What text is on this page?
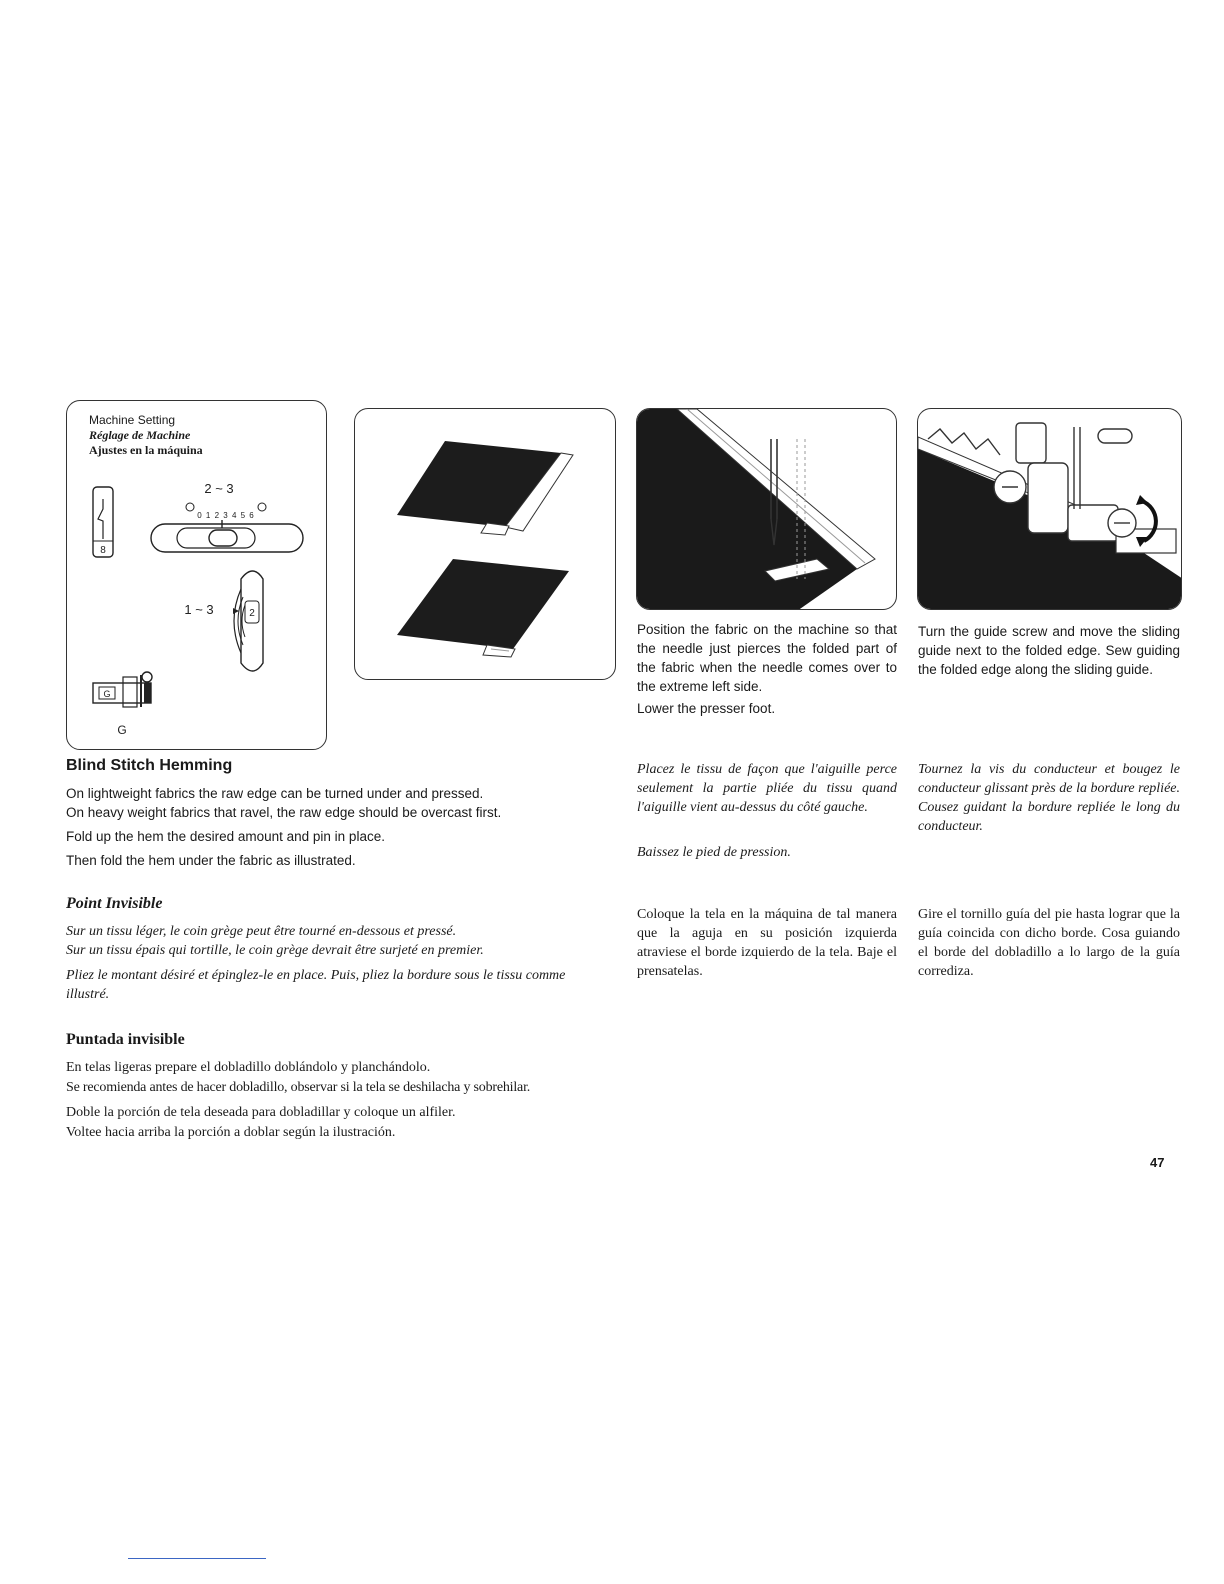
Machine Setting
Réglage de Machine
Ajustes en la máquina
8
2 ~ 3
0 1 2 3 4 5 6
1 ~ 3	2
G
G
Blind Stitch Hemming

On lightweight fabrics the raw edge can be turned under and pressed.

On heavy weight fabrics that ravel, the raw edge should be overcast first.

Fold up the hem the desired amount and pin in place.

Then fold the hem under the fabric as illustrated.

Point Invisible

Sur un tissu léger, le coin grège peut être tourné en-dessous et pressé.

Sur un tissu épais qui tortille, le coin grège devrait être surjeté en premier.

Pliez le montant désiré et épinglez-le en place. Puis, pliez la bordure sous le tissu comme illustré.

Puntada invisible

En telas ligeras prepare el dobladillo doblándolo y planchándolo.

Se recomienda antes de hacer dobladillo, observar si la tela se deshilacha y sobrehilar.

Doble la porción de tela deseada para dobladillar y coloque un alfiler.

Voltee hacia arriba la porción a doblar según la ilustración.

Position the fabric on the machine so that the needle just pierces the folded part of the fabric when the needle comes over to the extreme left side.

Lower the presser foot.

Placez le tissu de façon que l'aiguille perce seulement la partie pliée du tissu quand l'aiguille vient au-dessus du côté gauche.

Baissez le pied de pression.

Coloque la tela en la máquina de tal manera que la aguja en su posición izquierda atraviese el borde izquierdo de la tela. Baje el prensatelas.

Turn the guide screw and move the sliding guide next to the folded edge. Sew guiding the folded edge along the sliding guide.

Tournez la vis du conducteur et bougez le conducteur glissant près de la bordure repliée. Cousez guidant la bordure repliée le long du conducteur.

Gire el tornillo guía del pie hasta lograr que la guía coincida con dicho borde. Cosa guiando el borde del dobladillo a lo largo de la guía corrediza.

47
